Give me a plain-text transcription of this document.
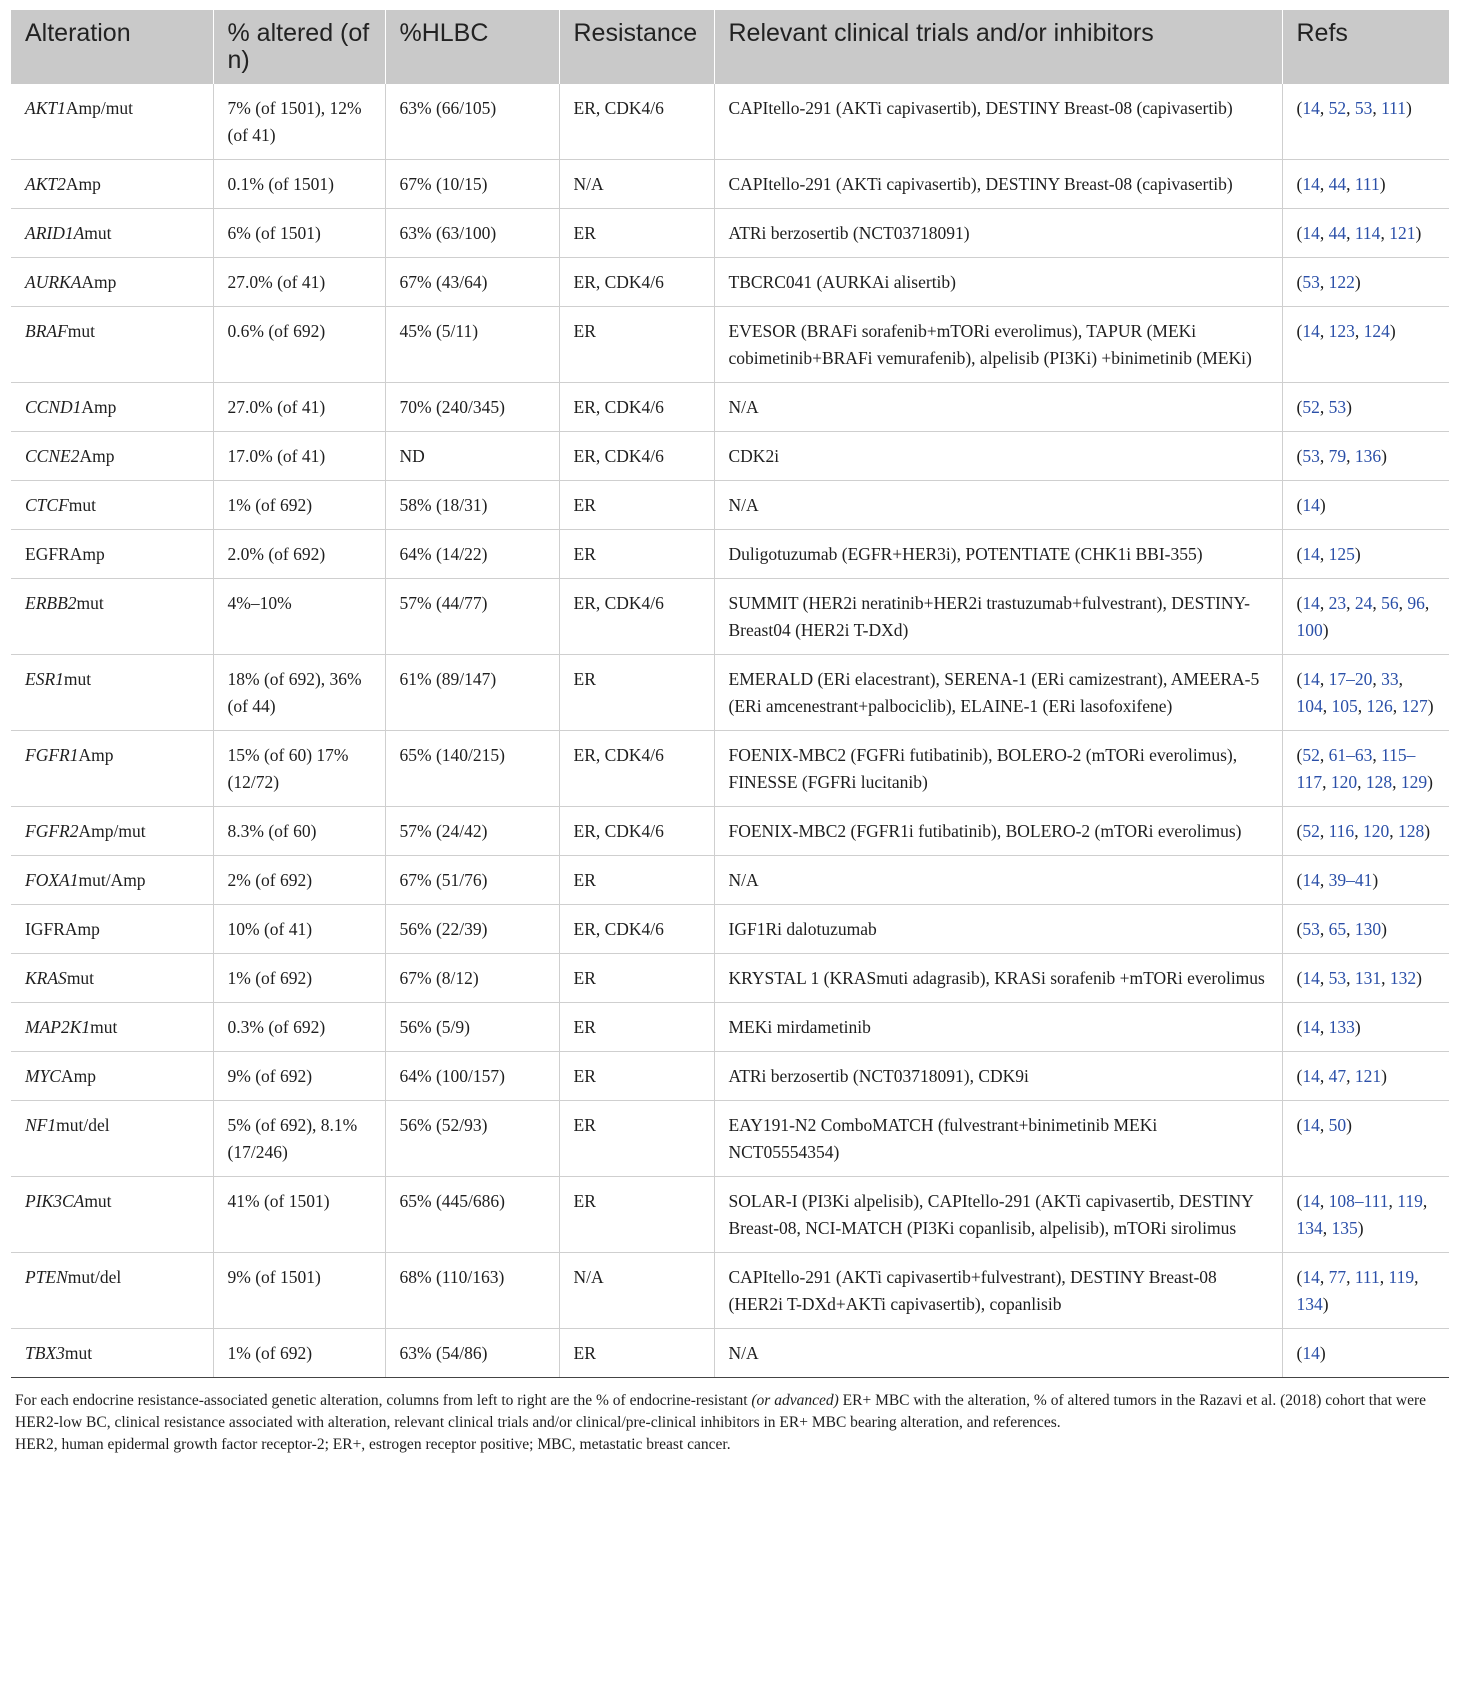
Alteration	% altered (of n)	%HLBC	Resistance	Relevant clinical trials and/or inhibitors	Refs
AKT1Amp/mut	7% (of 1501), 12% (of 41)	63% (66/105)	ER, CDK4/6	CAPItello-291 (AKTi capivasertib), DESTINY Breast-08 (capivasertib)	(14, 52, 53, 111)
AKT2Amp	0.1% (of 1501)	67% (10/15)	N/A	CAPItello-291 (AKTi capivasertib), DESTINY Breast-08 (capivasertib)	(14, 44, 111)
ARID1Amut	6% (of 1501)	63% (63/100)	ER	ATRi berzosertib (NCT03718091)	(14, 44, 114, 121)
AURKAAmp	27.0% (of 41)	67% (43/64)	ER, CDK4/6	TBCRC041 (AURKAi alisertib)	(53, 122)
BRAFmut	0.6% (of 692)	45% (5/11)	ER	EVESOR (BRAFi sorafenib+mTORi everolimus), TAPUR (MEKi cobimetinib+BRAFi vemurafenib), alpelisib (PI3Ki) +binimetinib (MEKi)	(14, 123, 124)
CCND1Amp	27.0% (of 41)	70% (240/345)	ER, CDK4/6	N/A	(52, 53)
CCNE2Amp	17.0% (of 41)	ND	ER, CDK4/6	CDK2i	(53, 79, 136)
CTCFmut	1% (of 692)	58% (18/31)	ER	N/A	(14)
EGFRAmp	2.0% (of 692)	64% (14/22)	ER	Duligotuzumab (EGFR+HER3i), POTENTIATE (CHK1i BBI-355)	(14, 125)
ERBB2mut	4%–10%	57% (44/77)	ER, CDK4/6	SUMMIT (HER2i neratinib+HER2i trastuzumab+fulvestrant), DESTINY-Breast04 (HER2i T-DXd)	(14, 23, 24, 56, 96, 100)
ESR1mut	18% (of 692), 36% (of 44)	61% (89/147)	ER	EMERALD (ERi elacestrant), SERENA-1 (ERi camizestrant), AMEERA-5 (ERi amcenestrant+palbociclib), ELAINE-1 (ERi lasofoxifene)	(14, 17–20, 33, 104, 105, 126, 127)
FGFR1Amp	15% (of 60) 17% (12/72)	65% (140/215)	ER, CDK4/6	FOENIX-MBC2 (FGFRi futibatinib), BOLERO-2 (mTORi everolimus), FINESSE (FGFRi lucitanib)	(52, 61–63, 115–117, 120, 128, 129)
FGFR2Amp/mut	8.3% (of 60)	57% (24/42)	ER, CDK4/6	FOENIX-MBC2 (FGFR1i futibatinib), BOLERO-2 (mTORi everolimus)	(52, 116, 120, 128)
FOXA1mut/Amp	2% (of 692)	67% (51/76)	ER	N/A	(14, 39–41)
IGFRAmp	10% (of 41)	56% (22/39)	ER, CDK4/6	IGF1Ri dalotuzumab	(53, 65, 130)
KRASmut	1% (of 692)	67% (8/12)	ER	KRYSTAL 1 (KRASmuti adagrasib), KRASi sorafenib +mTORi everolimus	(14, 53, 131, 132)
MAP2K1mut	0.3% (of 692)	56% (5/9)	ER	MEKi mirdametinib	(14, 133)
MYCAmp	9% (of 692)	64% (100/157)	ER	ATRi berzosertib (NCT03718091), CDK9i	(14, 47, 121)
NF1mut/del	5% (of 692), 8.1% (17/246)	56% (52/93)	ER	EAY191-N2 ComboMATCH (fulvestrant+binimetinib MEKi NCT05554354)	(14, 50)
PIK3CAmut	41% (of 1501)	65% (445/686)	ER	SOLAR-I (PI3Ki alpelisib), CAPItello-291 (AKTi capivasertib, DESTINY Breast-08, NCI-MATCH (PI3Ki copanlisib, alpelisib), mTORi sirolimus	(14, 108–111, 119, 134, 135)
PTENmut/del	9% (of 1501)	68% (110/163)	N/A	CAPItello-291 (AKTi capivasertib+fulvestrant), DESTINY Breast-08 (HER2i T-DXd+AKTi capivasertib), copanlisib	(14, 77, 111, 119, 134)
TBX3mut	1% (of 692)	63% (54/86)	ER	N/A	(14)

For each endocrine resistance-associated genetic alteration, columns from left to right are the % of endocrine-resistant (or advanced) ER+ MBC with the alteration, % of altered tumors in the Razavi et al. (2018) cohort that were HER2-low BC, clinical resistance associated with alteration, relevant clinical trials and/or clinical/pre-clinical inhibitors in ER+ MBC bearing alteration, and references.

HER2, human epidermal growth factor receptor-2; ER+, estrogen receptor positive; MBC, metastatic breast cancer.
